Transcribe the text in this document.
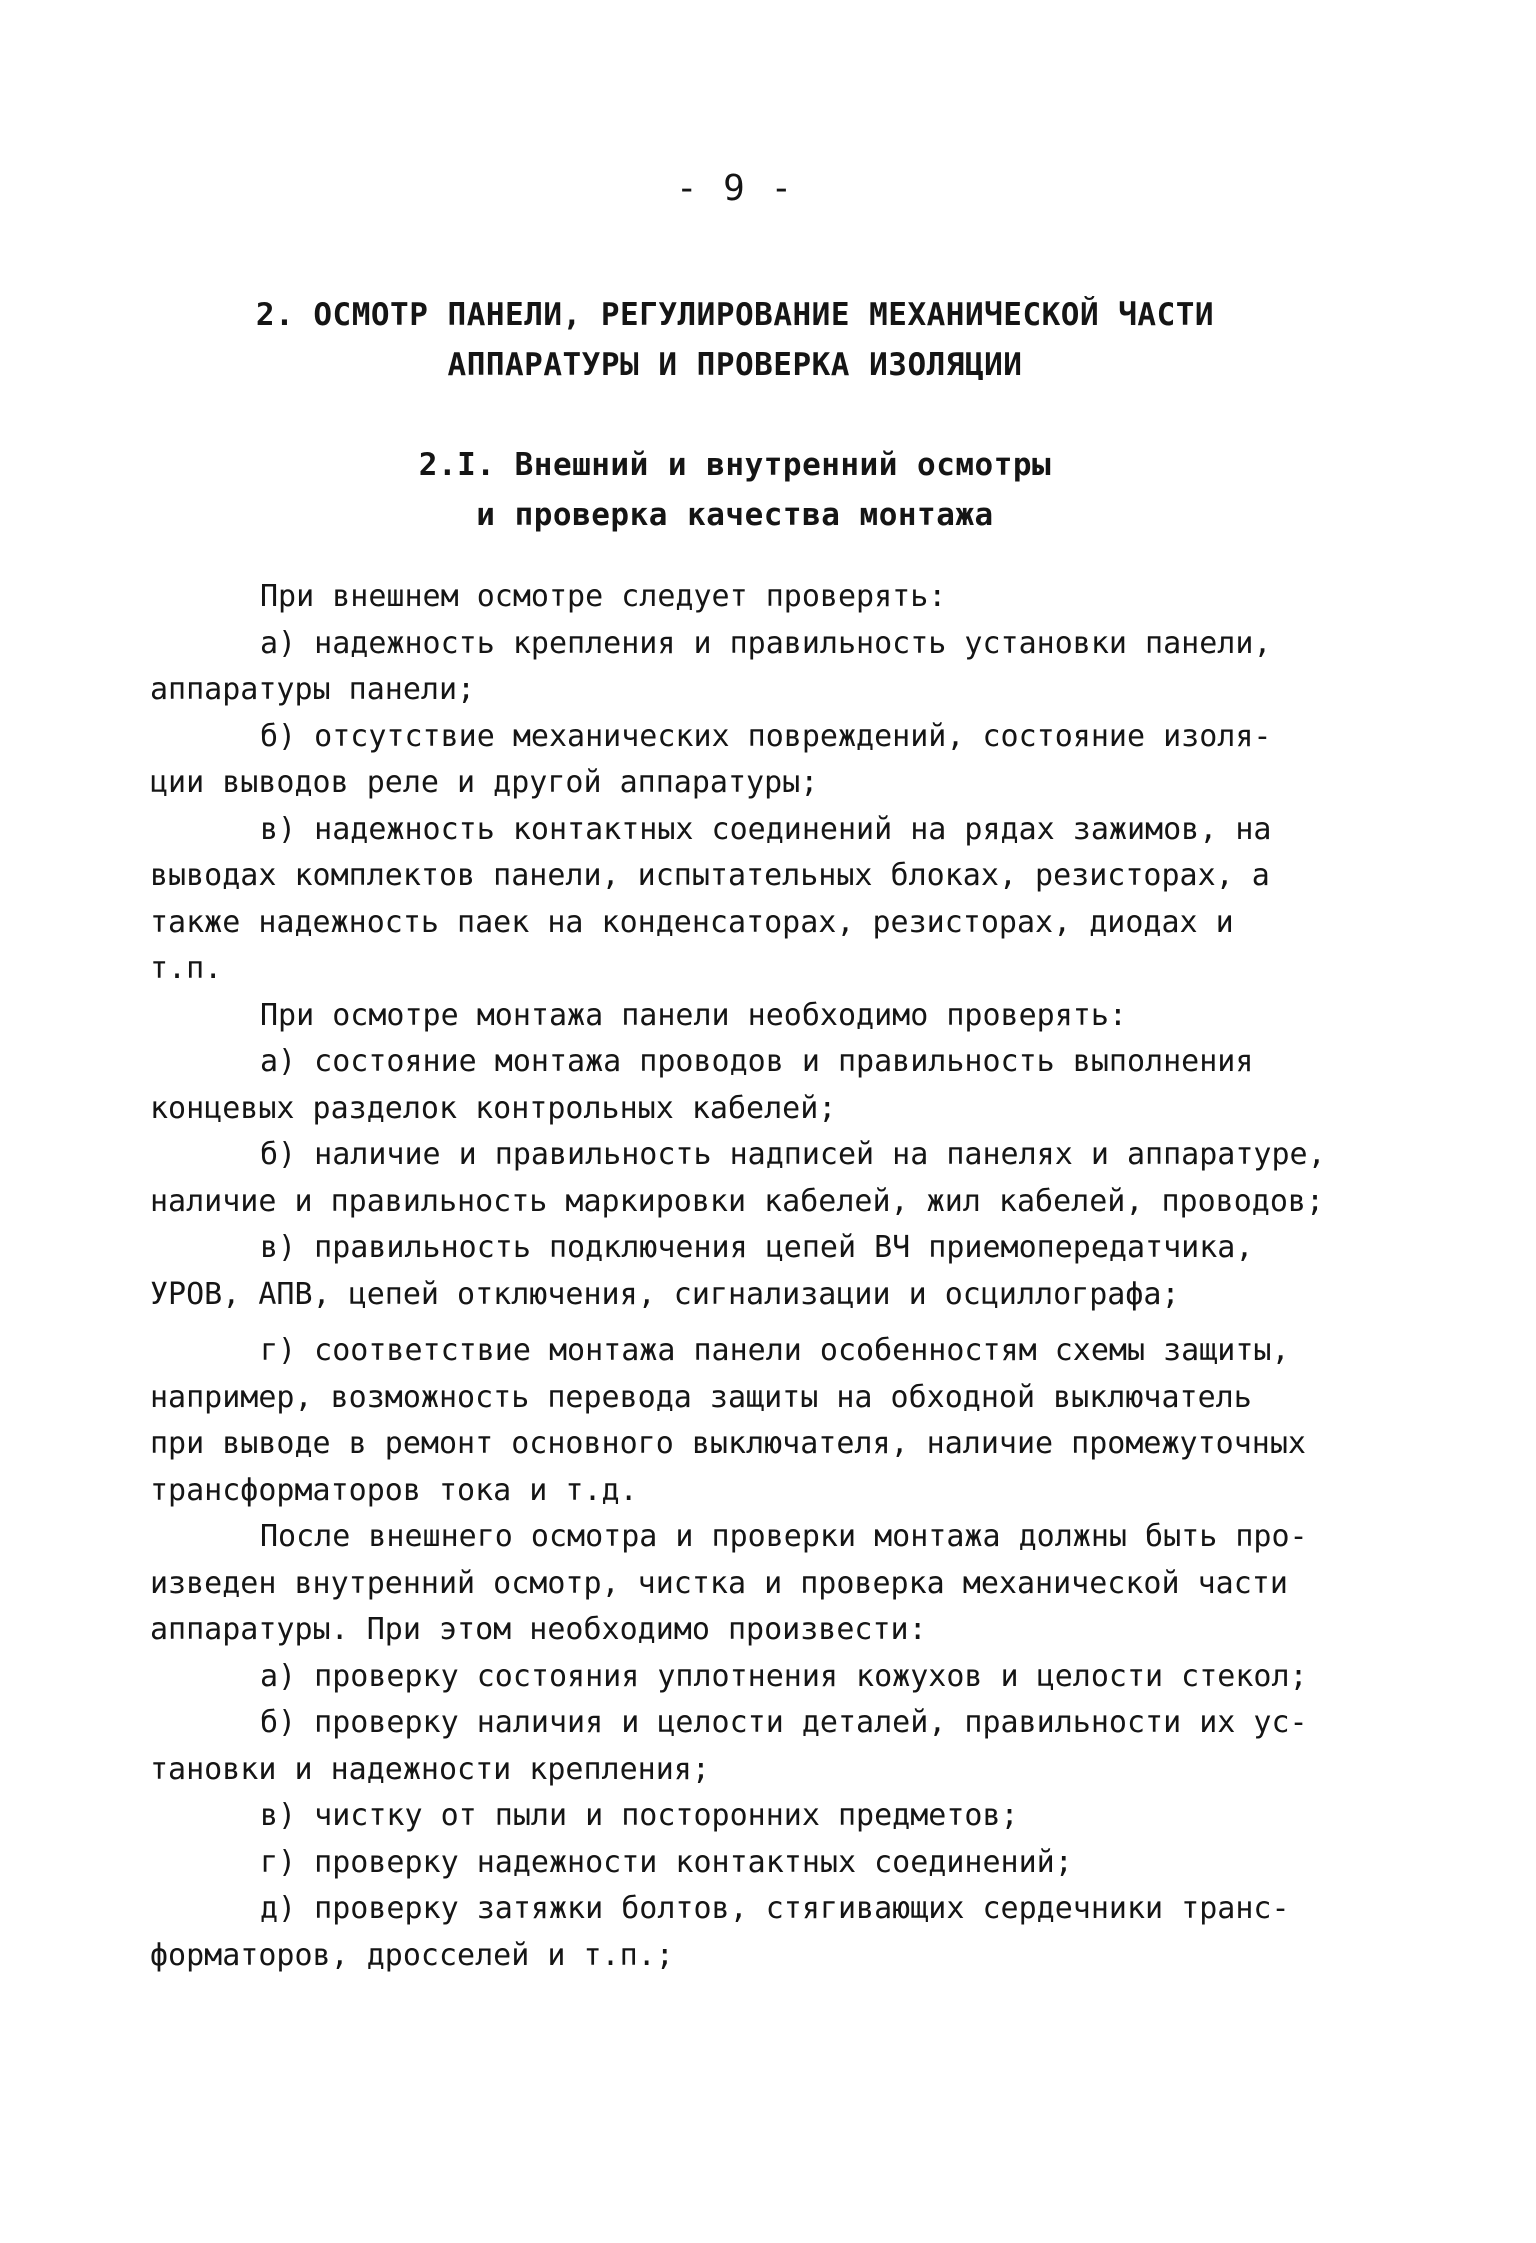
- 9 -
2. ОСМОТР ПАНЕЛИ, РЕГУЛИРОВАНИЕ МЕХАНИЧЕСКОЙ ЧАСТИ
АППАРАТУРЫ И ПРОВЕРКА ИЗОЛЯЦИИ
2.I. Внешний и внутренний осмотры
и проверка качества монтажа
При внешнем осмотре следует проверять:
а) надежность крепления и правильность установки панели,
аппаратуры панели;
б) отсутствие механических повреждений, состояние изоля-
ции выводов реле и другой аппаратуры;
в) надежность контактных соединений на рядах зажимов, на
выводах комплектов панели, испытательных блоках, резисторах, а
также надежность паек на конденсаторах, резисторах, диодах и
т.п.
При осмотре монтажа панели необходимо проверять:
а) состояние монтажа проводов и правильность выполнения
концевых разделок контрольных кабелей;
б) наличие и правильность надписей на панелях и аппаратуре,
наличие и правильность маркировки кабелей, жил кабелей, проводов;
в) правильность подключения цепей ВЧ приемопередатчика,
УРОВ, АПВ, цепей отключения, сигнализации и осциллографа;
г) соответствие монтажа панели особенностям схемы защиты,
например, возможность перевода защиты на обходной выключатель
при выводе в ремонт основного выключателя, наличие промежуточных
трансформаторов тока и т.д.
После внешнего осмотра и проверки монтажа должны быть про-
изведен внутренний осмотр, чистка и проверка механической части
аппаратуры. При этом необходимо произвести:
а) проверку состояния уплотнения кожухов и целости стекол;
б) проверку наличия и целости деталей, правильности их ус-
тановки и надежности крепления;
в) чистку от пыли и посторонних предметов;
г) проверку надежности контактных соединений;
д) проверку затяжки болтов, стягивающих сердечники транс-
форматоров, дросселей и т.п.;
